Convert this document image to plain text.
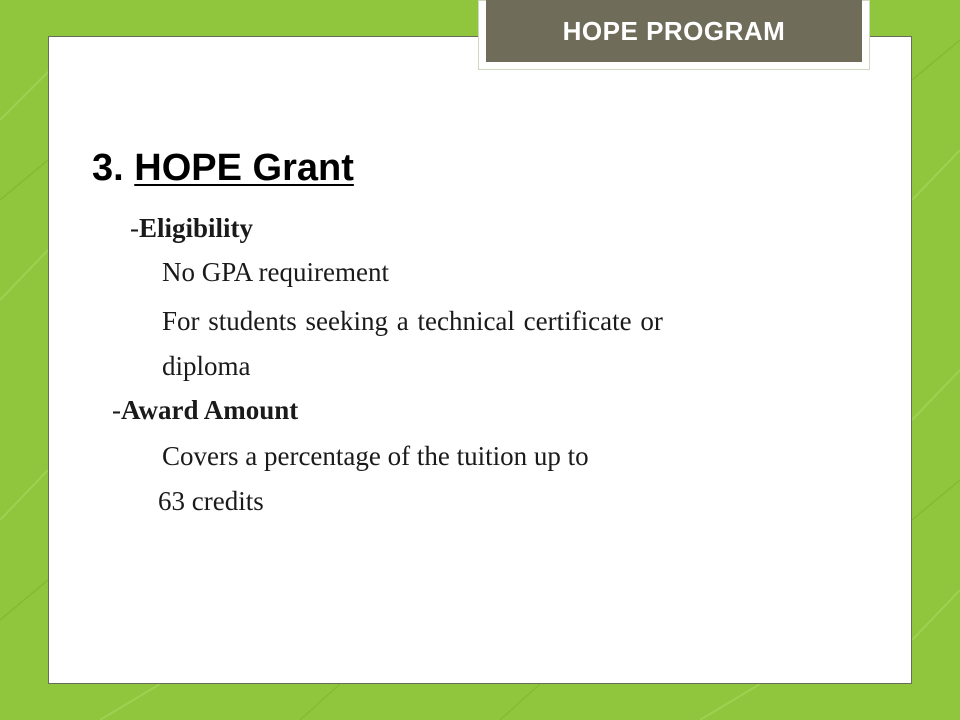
HOPE PROGRAM
3. HOPE Grant
-Eligibility
No GPA requirement
For students seeking a technical certificate or
diploma
-Award Amount
Covers a percentage of the tuition up to
63 credits
